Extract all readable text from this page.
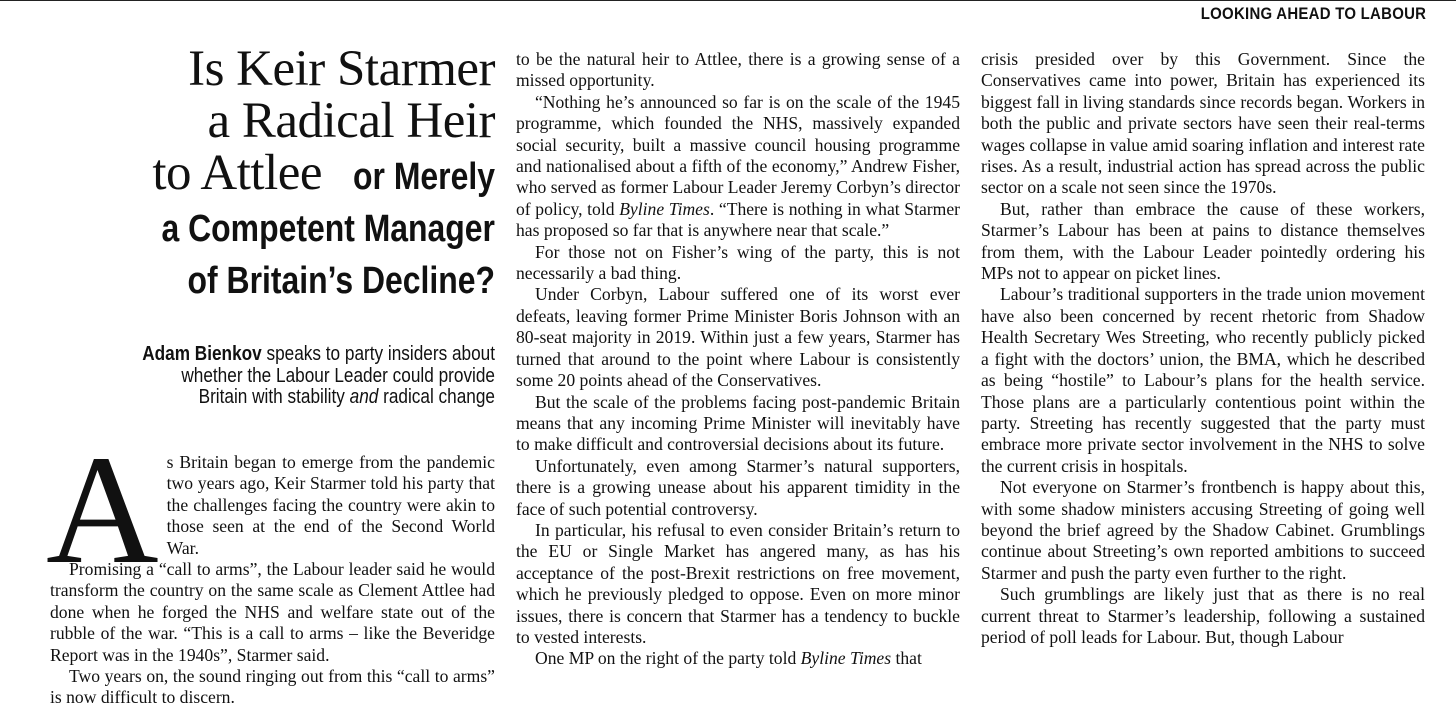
LOOKING AHEAD TO LABOUR
Is Keir Starmer
a Radical Heir
to Attlee or Merely
a Competent Manager
of Britain’s Decline?
Adam Bienkov speaks to party insiders about
whether the Labour Leader could provide
Britain with stability and radical change
A s Britain began to emerge from the pandemic two years ago, Keir Starmer told his party that the challenges facing the country were akin to those seen at the end of the Second World War.

Promising a “call to arms”, the Labour leader said he would transform the country on the same scale as Clement Attlee had done when he forged the NHS and welfare state out of the rubble of the war. “This is a call to arms – like the Beveridge Report was in the 1940s”, Starmer said.

Two years on, the sound ringing out from this “call to arms” is now difficult to discern.

to be the natural heir to Attlee, there is a growing sense of a missed opportunity.

“Nothing he’s announced so far is on the scale of the 1945 programme, which founded the NHS, massively expanded social security, built a massive council housing programme and nationalised about a fifth of the economy,” Andrew Fisher, who served as former Labour Leader Jeremy Corbyn’s director of policy, told Byline Times. “There is nothing in what Starmer has proposed so far that is anywhere near that scale.”

For those not on Fisher’s wing of the party, this is not necessarily a bad thing.

Under Corbyn, Labour suffered one of its worst ever defeats, leaving former Prime Minister Boris Johnson with an 80-seat majority in 2019. Within just a few years, Starmer has turned that around to the point where Labour is consistently some 20 points ahead of the Conservatives.

But the scale of the problems facing post-pandemic Britain means that any incoming Prime Minister will inevitably have to make difficult and controversial decisions about its future.

Unfortunately, even among Starmer’s natural supporters, there is a growing unease about his apparent timidity in the face of such potential controversy.

In particular, his refusal to even consider Britain’s return to the EU or Single Market has angered many, as has his acceptance of the post-Brexit restrictions on free movement, which he previously pledged to oppose. Even on more minor issues, there is concern that Starmer has a tendency to buckle to vested interests.

One MP on the right of the party told Byline Times that

crisis presided over by this Government. Since the Conservatives came into power, Britain has experienced its biggest fall in living standards since records began. Workers in both the public and private sectors have seen their real-terms wages collapse in value amid soaring inflation and interest rate rises. As a result, industrial action has spread across the public sector on a scale not seen since the 1970s.

But, rather than embrace the cause of these workers, Starmer’s Labour has been at pains to distance themselves from them, with the Labour Leader pointedly ordering his MPs not to appear on picket lines.

Labour’s traditional supporters in the trade union movement have also been concerned by recent rhetoric from Shadow Health Secretary Wes Streeting, who recently publicly picked a fight with the doctors’ union, the BMA, which he described as being “hostile” to Labour’s plans for the health service. Those plans are a particularly contentious point within the party. Streeting has recently suggested that the party must embrace more private sector involvement in the NHS to solve the current crisis in hospitals.

Not everyone on Starmer’s frontbench is happy about this, with some shadow ministers accusing Streeting of going well beyond the brief agreed by the Shadow Cabinet. Grumblings continue about Streeting’s own reported ambitions to succeed Starmer and push the party even further to the right.

Such grumblings are likely just that as there is no real current threat to Starmer’s leadership, following a sustained period of poll leads for Labour. But, though Labour
